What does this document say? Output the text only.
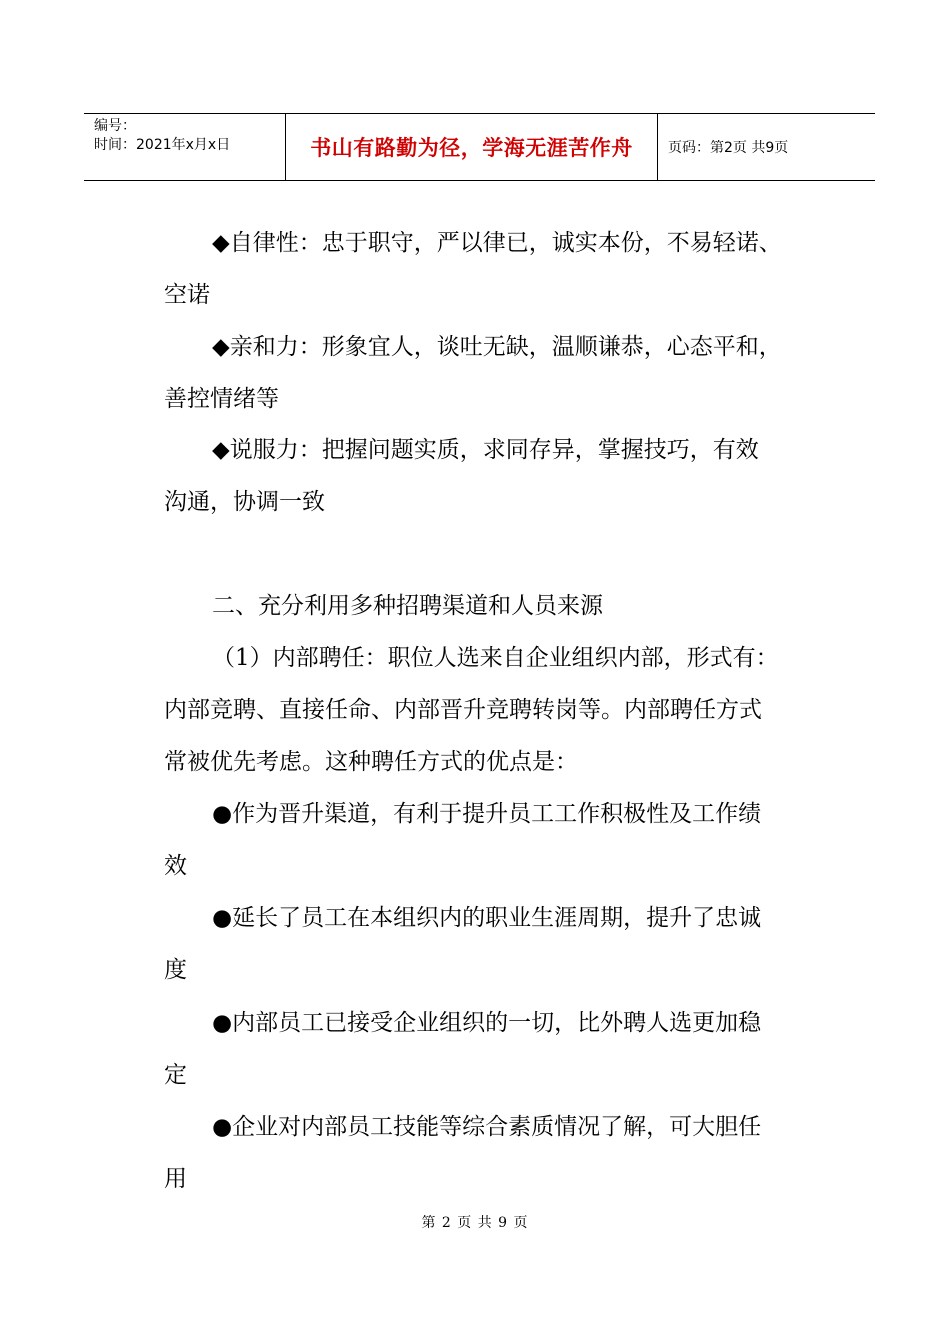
编号：
时间：2021年x月x日	书山有路勤为径，学海无涯苦作舟	页码：第2页 共9页
◆自律性：忠于职守，严以律已，诚实本份，不易轻诺、
空诺
◆亲和力：形象宜人，谈吐无缺，温顺谦恭，心态平和，
善控情绪等
◆说服力：把握问题实质，求同存异，掌握技巧，有效
沟通，协调一致
二、充分利用多种招聘渠道和人员来源
（1）内部聘任：职位人选来自企业组织内部，形式有：
内部竞聘、直接任命、内部晋升竞聘转岗等。内部聘任方式
常被优先考虑。这种聘任方式的优点是：
●作为晋升渠道，有利于提升员工工作积极性及工作绩
效
●延长了员工在本组织内的职业生涯周期，提升了忠诚
度
●内部员工已接受企业组织的一切，比外聘人选更加稳
定
●企业对内部员工技能等综合素质情况了解，可大胆任
用
第 2 页 共 9 页
